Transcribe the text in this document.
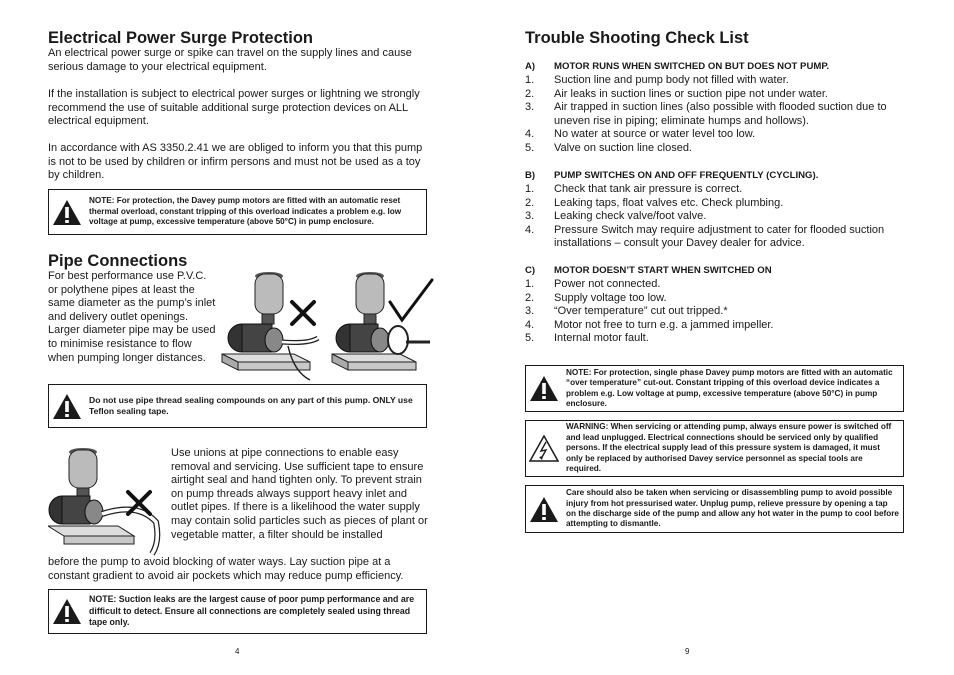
Electrical Power Surge Protection

An electrical power surge or spike can travel on the supply lines and cause serious damage to your electrical equipment.

If the installation is subject to electrical power surges or lightning we strongly recommend the use of suitable additional surge protection devices on ALL electrical equipment.

In accordance with AS 3350.2.41 we are obliged to inform you that this pump is not to be used by children or infirm persons and must not be used as a toy by children.

NOTE: For protection, the Davey pump motors are fitted with an automatic reset thermal overload, constant tripping of this overload indicates a problem e.g. low voltage at pump, excessive temperature (above 50°C) in pump enclosure.
Pipe Connections

For best performance use P.V.C. or polythene pipes at least the same diameter as the pump’s inlet and delivery outlet openings. Larger diameter pipe may be used to minimise resistance to flow when pumping longer distances.

Do not use pipe thread sealing compounds on any part of this pump. ONLY use Teflon sealing tape.

Use unions at pipe connections to enable easy removal and servicing. Use sufficient tape to ensure airtight seal and hand tighten only. To prevent strain on pump threads always support heavy inlet and outlet pipes. If there is a likelihood the water supply may contain solid particles such as pieces of plant or vegetable matter, a filter should be installed

before the pump to avoid blocking of water ways. Lay suction pipe at a constant gradient to avoid air pockets which may reduce pump efficiency.

NOTE: Suction leaks are the largest cause of poor pump performance and are difficult to detect. Ensure all connections are completely sealed using thread tape only.
4
Trouble Shooting Check List
A) MOTOR RUNS WHEN SWITCHED ON BUT DOES NOT PUMP.
1.	Suction line and pump body not filled with water.
2.	Air leaks in suction lines or suction pipe not under water.
3.	Air trapped in suction lines (also possible with flooded suction due to uneven rise in piping; eliminate humps and hollows).
4.	No water at source or water level too low.
5.	Valve on suction line closed.
B) PUMP SWITCHES ON AND OFF FREQUENTLY (CYCLING).
1.	Check that tank air pressure is correct.
2.	Leaking taps, float valves etc. Check plumbing.
3.	Leaking check valve/foot valve.
4.	Pressure Switch may require adjustment to cater for flooded suction installations – consult your Davey dealer for advice.
C) MOTOR DOESN’T START WHEN SWITCHED ON
1.	Power not connected.
2.	Supply voltage too low.
3.	“Over temperature” cut out tripped.*
4.	Motor not free to turn e.g. a jammed impeller.
5.	Internal motor fault.
NOTE: For protection, single phase Davey pump motors are fitted with an automatic “over temperature” cut-out. Constant tripping of this overload device indicates a problem e.g. Low voltage at pump, excessive temperature (above 50°C) in pump enclosure.
WARNING: When servicing or attending pump, always ensure power is switched off and lead unplugged. Electrical connections should be serviced only by qualified persons. If the electrical supply lead of this pressure system is damaged, it must only be replaced by authorised Davey service personnel as special tools are required.
Care should also be taken when servicing or disassembling pump to avoid possible injury from hot pressurised water. Unplug pump, relieve pressure by opening a tap on the discharge side of the pump and allow any hot water in the pump to cool before attempting to dismantle.
9
